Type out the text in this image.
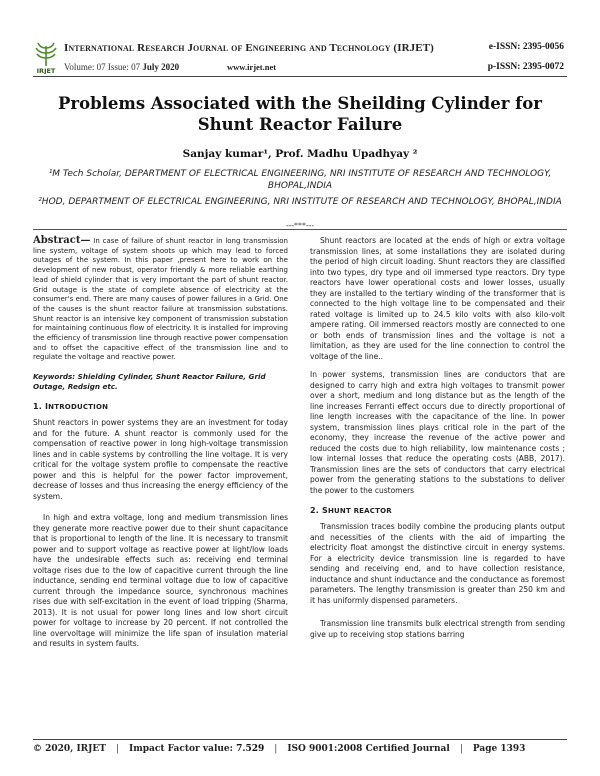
IRJET
International Research Journal of Engineering and Technology (IRJET)	e-ISSN: 2395-0056
Volume: 07 Issue: 07 July 2020	www.irjet.net	p-ISSN: 2395-0072
Problems Associated with the Sheilding Cylinder for Shunt Reactor Failure
Sanjay kumar¹, Prof. Madhu Upadhyay ²
¹M Tech Scholar, DEPARTMENT OF ELECTRICAL ENGINEERING, NRI INSTITUTE OF RESEARCH AND TECHNOLOGY, BHOPAL,INDIA
²HOD, DEPARTMENT OF ELECTRICAL ENGINEERING, NRI INSTITUTE OF RESEARCH AND TECHNOLOGY, BHOPAL,INDIA
---***---

Abstract— In case of failure of shunt reactor in long transmission line system, voltage of system shoots up which may lead to forced outages of the system. In this paper ,present here to work on the development of new robust, operator friendly & more reliable earthing lead of shield cylinder that is very important the part of shunt reactor. Grid outage is the state of complete absence of electricity at the consumer's end. There are many causes of power failures in a Grid. One of the causes is the shunt reactor failure at transmission substations. Shunt reactor is an intensive key component of transmission substation for maintaining continuous flow of electricity. It is installed for improving the efficiency of transmission line through reactive power compensation and to offset the capacitive effect of the transmission line and to regulate the voltage and reactive power.

Keywords: Shielding Cylinder, Shunt Reactor Failure, Grid Outage, Redsign etc.

1. INTRODUCTION

Shunt reactors in power systems they are an investment for today and for the future. A shunt reactor is commonly used for the compensation of reactive power in long high-voltage transmission lines and in cable systems by controlling the line voltage. It is very critical for the voltage system profile to compensate the reactive power and this is helpful for the power factor improvement, decrease of losses and thus increasing the energy efficiency of the system.

In high and extra voltage, long and medium transmission lines they generate more reactive power due to their shunt capacitance that is proportional to length of the line. It is necessary to transmit power and to support voltage as reactive power at light/low loads have the undesirable effects such as: receiving end terminal voltage rises due to the low of capacitive current through the line inductance, sending end terminal voltage due to low of capacitive current through the impedance source, synchronous machines rises due with self-excitation in the event of load tripping (Sharma, 2013). It is not usual for power long lines and low short circuit power for voltage to increase by 20 percent. If not controlled the line overvoltage will minimize the life span of insulation material and results in system faults.

Shunt reactors are located at the ends of high or extra voltage transmission lines, at some installations they are isolated during the period of high circuit loading. Shunt reactors they are classified into two types, dry type and oil immersed type reactors. Dry type reactors have lower operational costs and lower losses, usually they are installed to the tertiary winding of the transformer that is connected to the high voltage line to be compensated and their rated voltage is limited up to 24.5 kilo volts with also kilo-volt ampere rating. Oil immersed reactors mostly are connected to one or both ends of transmission lines and the voltage is not a limitation, as they are used for the line connection to control the voltage of the line..

In power systems, transmission lines are conductors that are designed to carry high and extra high voltages to transmit power over a short, medium and long distance but as the length of the line increases Ferranti effect occurs due to directly proportional of line length increases with the capacitance of the line. In power system, transmission lines plays critical role in the part of the economy, they increase the revenue of the active power and reduced the costs due to high reliability, low maintenance costs ; low internal losses that reduce the operating costs (ABB, 2017). Transmission lines are the sets of conductors that carry electrical power from the generating stations to the substations to deliver the power to the customers

2. SHUNT REACTOR

Transmission traces bodily combine the producing plants output and necessities of the clients with the aid of imparting the electricity float amongst the distinctive circuit in energy systems. For a electricity device transmission line is regarded to have sending and receiving end, and to have collection resistance, inductance and shunt inductance and the conductance as foremost parameters. The lengthy transmission is greater than 250 km and it has uniformly dispensed parameters.

Transmission line transmits bulk electrical strength from sending give up to receiving stop stations barring

© 2020, IRJET | Impact Factor value: 7.529 | ISO 9001:2008 Certified Journal | Page 1393
